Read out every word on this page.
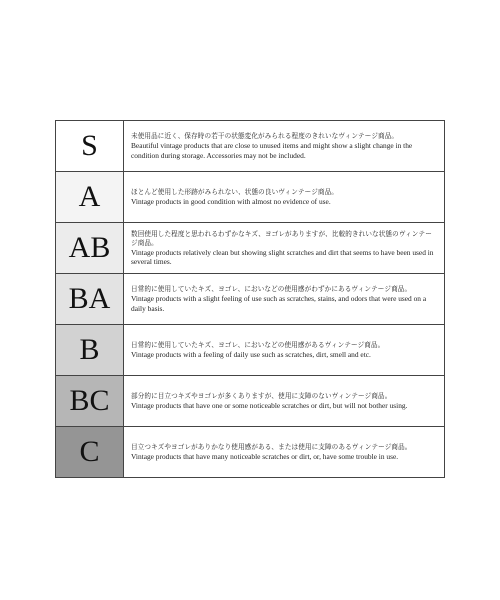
S	未使用品に近く、保存時の若干の状態変化がみられる程度のきれいなヴィンテージ商品。
Beautiful vintage products that are close to unused items and might show a slight change in the condition during storage. Accessories may not be included.

A	ほとんど使用した形跡がみられない、状態の良いヴィンテージ商品。
Vintage products in good condition with almost no evidence of use.

AB	数回使用した程度と思われるわずかなキズ、ヨゴレがありますが、比較的きれいな状態のヴィンテージ商品。
Vintage products relatively clean but showing slight scratches and dirt that seems to have been used in several times.

BA	日常的に使用していたキズ、ヨゴレ、においなどの使用感がわずかにあるヴィンテージ商品。
Vintage products with a slight feeling of use such as scratches, stains, and odors that were used on a daily basis.

B	日常的に使用していたキズ、ヨゴレ、においなどの使用感があるヴィンテージ商品。
Vintage products with a feeling of daily use such as scratches, dirt, smell and etc.

BC	部分的に目立つキズやヨゴレが多くありますが、使用に支障のないヴィンテージ商品。
Vintage products that have one or some noticeable scratches or dirt, but will not bother using.

C	目立つキズやヨゴレがありかなり使用感がある、または使用に支障のあるヴィンテージ商品。
Vintage products that have many noticeable scratches or dirt, or, have some trouble in use.
